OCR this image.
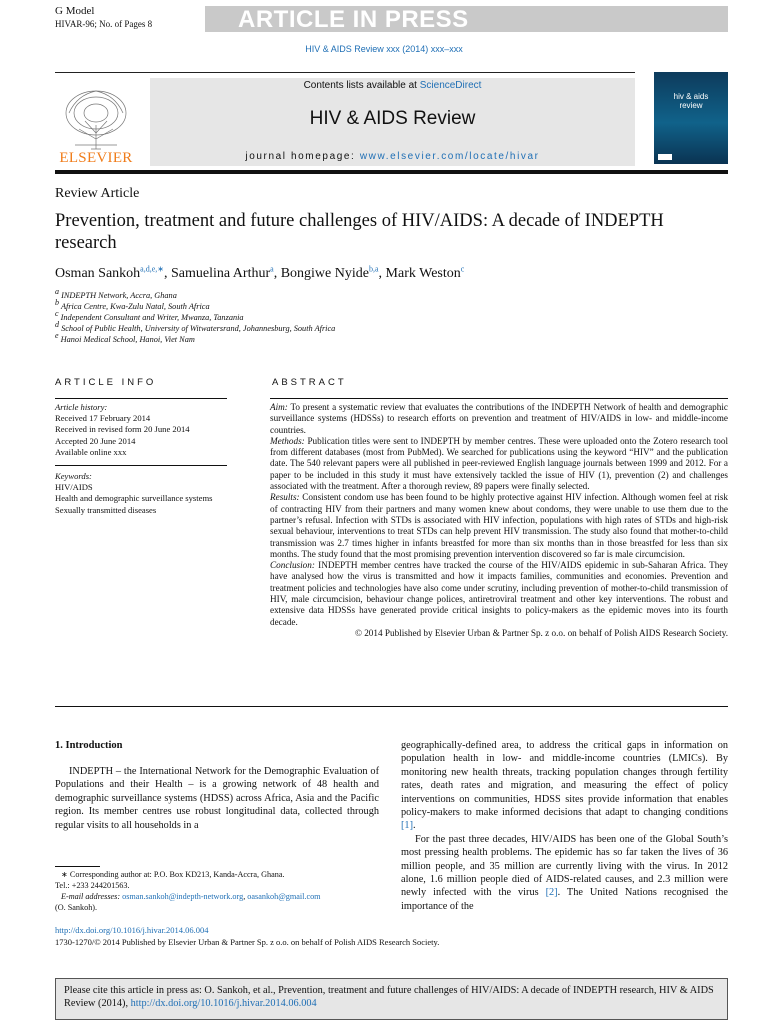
G Model
HIVAR-96; No. of Pages 8	ARTICLE IN PRESS
HIV & AIDS Review xxx (2014) xxx–xxx
ELSEVIER
Contents lists available at ScienceDirect
HIV & AIDS Review
journal homepage: www.elsevier.com/locate/hivar
hiv & aids
review
Review Article
Prevention, treatment and future challenges of HIV/AIDS: A decade of INDEPTH research
Osman Sankoh$^{a,d,e,∗}$, Samuelina Arthur$^a$, Bongiwe Nyide$^{b,a}$, Mark Weston$^c$
$^a$ INDEPTH Network, Accra, Ghana
$^b$ Africa Centre, Kwa-Zulu Natal, South Africa
$^c$ Independent Consultant and Writer, Mwanza, Tanzania
$^d$ School of Public Health, University of Witwatersrand, Johannesburg, South Africa
$^e$ Hanoi Medical School, Hanoi, Viet Nam
ARTICLE INFO	ABSTRACT
Article history:
Received 17 February 2014
Received in revised form 20 June 2014
Accepted 20 June 2014
Available online xxx
Keywords:
HIV/AIDS
Health and demographic surveillance systems
Sexually transmitted diseases

Aim: To present a systematic review that evaluates the contributions of the INDEPTH Network of health and demographic surveillance systems (HDSSs) to research efforts on prevention and treatment of HIV/AIDS in low- and middle-income countries.

Methods: Publication titles were sent to INDEPTH by member centres. These were uploaded onto the Zotero research tool from different databases (most from PubMed). We searched for publications using the keyword “HIV” and the publication date. The 540 relevant papers were all published in peer-reviewed English language journals between 1999 and 2012. For a paper to be included in this study it must have extensively tackled the issue of HIV (1), prevention (2) and challenges associated with the treatment. After a thorough review, 89 papers were finally selected.

Results: Consistent condom use has been found to be highly protective against HIV infection. Although women feel at risk of contracting HIV from their partners and many women knew about condoms, they were unable to use them due to the partner’s refusal. Infection with STDs is associated with HIV infection, populations with high rates of STDs and high-risk sexual behaviour, interventions to treat STDs can help prevent HIV transmission. The study also found that mother-to-child transmission was 2.7 times higher in infants breastfed for more than six months than in those breastfed for less than six months. The study found that the most promising prevention intervention discovered so far is male circumcision.

Conclusion: INDEPTH member centres have tracked the course of the HIV/AIDS epidemic in sub-Saharan Africa. They have analysed how the virus is transmitted and how it impacts families, communities and economies. Prevention and treatment policies and technologies have also come under scrutiny, including prevention of mother-to-child transmission of HIV, male circumcision, behaviour change polices, antiretroviral treatment and other key interventions. The robust and extensive data HDSSs have generated provide critical insights to policy-makers as the epidemic moves into its fourth decade.

© 2014 Published by Elsevier Urban & Partner Sp. z o.o. on behalf of Polish AIDS Research Society.

1. Introduction
INDEPTH – the International Network for the Demographic Evaluation of Populations and their Health – is a growing network of 48 health and demographic surveillance systems (HDSS) across Africa, Asia and the Pacific region. Its member centres use robust longitudinal data, collected through regular visits to all households in a

geographically-defined area, to address the critical gaps in information on population health in low- and middle-income countries (LMICs). By monitoring new health threats, tracking population changes through fertility rates, death rates and migration, and measuring the effect of policy interventions on communities, HDSS sites provide information that enables policy-makers to make informed decisions that adapt to changing conditions [1].

For the past three decades, HIV/AIDS has been one of the Global South’s most pressing health problems. The epidemic has so far taken the lives of 36 million people, and 35 million are currently living with the virus. In 2012 alone, 1.6 million people died of AIDS-related causes, and 2.3 million were newly infected with the virus [2]. The United Nations recognised the importance of the

∗ Corresponding author at: P.O. Box KD213, Kanda-Accra, Ghana.

Tel.: +233 244201563.

E-mail addresses: osman.sankoh@indepth-network.org, oasankoh@gmail.com

(O. Sankoh).

http://dx.doi.org/10.1016/j.hivar.2014.06.004
1730-1270/© 2014 Published by Elsevier Urban & Partner Sp. z o.o. on behalf of Polish AIDS Research Society.
Please cite this article in press as: O. Sankoh, et al., Prevention, treatment and future challenges of HIV/AIDS: A decade of INDEPTH research, HIV & AIDS Review (2014), http://dx.doi.org/10.1016/j.hivar.2014.06.004
